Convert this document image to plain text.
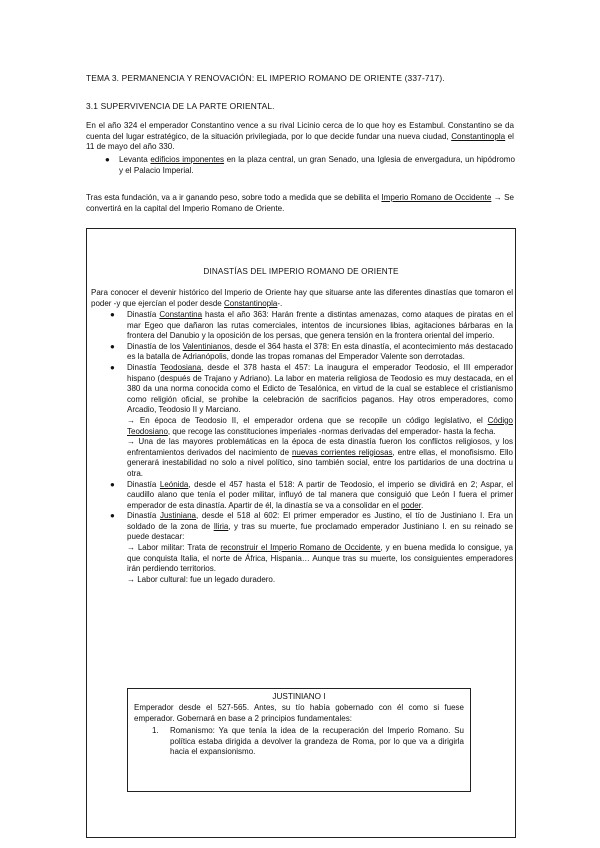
TEMA 3. PERMANENCIA Y RENOVACIÓN: EL IMPERIO ROMANO DE ORIENTE (337-717).
3.1 SUPERVIVENCIA DE LA PARTE ORIENTAL.
En el año 324 el emperador Constantino vence a su rival Licinio cerca de lo que hoy es Estambul. Constantino se da cuenta del lugar estratégico, de la situación privilegiada, por lo que decide fundar una nueva ciudad, Constantinopla el 11 de mayo del año 330.
● Levanta edificios imponentes en la plaza central, un gran Senado, una Iglesia de envergadura, un hipódromo y el Palacio Imperial.
Tras esta fundación, va a ir ganando peso, sobre todo a medida que se debilita el Imperio Romano de Occidente → Se convertirá en la capital del Imperio Romano de Oriente.
DINASTÍAS DEL IMPERIO ROMANO DE ORIENTE
Para conocer el devenir histórico del Imperio de Oriente hay que situarse ante las diferentes dinastías que tomaron el poder -y que ejercían el poder desde Constantinopla-.

● Dinastía Constantina hasta el año 363: Harán frente a distintas amenazas, como ataques de piratas en el mar Egeo que dañaron las rutas comerciales, intentos de incursiones libias, agitaciones bárbaras en la frontera del Danubio y la oposición de los persas, que genera tensión en la frontera oriental del imperio.

● Dinastía de los Valentinianos, desde el 364 hasta el 378: En esta dinastía, el acontecimiento más destacado es la batalla de Adrianópolis, donde las tropas romanas del Emperador Valente son derrotadas.

● Dinastía Teodosiana, desde el 378 hasta el 457: La inaugura el emperador Teodosio, el III emperador hispano (después de Trajano y Adriano). La labor en materia religiosa de Teodosio es muy destacada, en el 380 da una norma conocida como el Edicto de Tesalónica, en virtud de la cual se establece el cristianismo como religión oficial, se prohibe la celebración de sacrificios paganos. Hay otros emperadores, como Arcadio, Teodosio II y Marciano.
→ En época de Teodosio II, el emperador ordena que se recopile un código legislativo, el Código Teodosiano, que recoge las constituciones imperiales -normas derivadas del emperador- hasta la fecha.
→ Una de las mayores problemáticas en la época de esta dinastía fueron los conflictos religiosos, y los enfrentamientos derivados del nacimiento de nuevas corrientes religiosas, entre ellas, el monofisismo. Ello generará inestabilidad no solo a nivel político, sino también social, entre los partidarios de una doctrina u otra.

● Dinastía Leónida, desde el 457 hasta el 518: A partir de Teodosio, el imperio se dividirá en 2; Aspar, el caudillo alano que tenía el poder militar, influyó de tal manera que consiguió que León I fuera el primer emperador de esta dinastía. Apartir de él, la dinastía se va a consolidar en el poder.

● Dinastía Justiniana, desde el 518 al 602: El primer emperador es Justino, el tío de Justiniano I. Era un soldado de la zona de Iliria, y tras su muerte, fue proclamado emperador Justiniano I. en su reinado se puede destacar:
→ Labor militar: Trata de reconstruir el Imperio Romano de Occidente, y en buena medida lo consigue, ya que conquista Italia, el norte de África, Hispania… Aunque tras su muerte, los consiguientes emperadores irán perdiendo territorios.
→ Labor cultural: fue un legado duradero.
JUSTINIANO I
Emperador desde el 527-565. Antes, su tío había gobernado con él como si fuese emperador. Gobernará en base a 2 principios fundamentales:
1. Romanismo: Ya que tenía la idea de la recuperación del Imperio Romano. Su política estaba dirigida a devolver la grandeza de Roma, por lo que va a dirigirla hacia el expansionismo.
